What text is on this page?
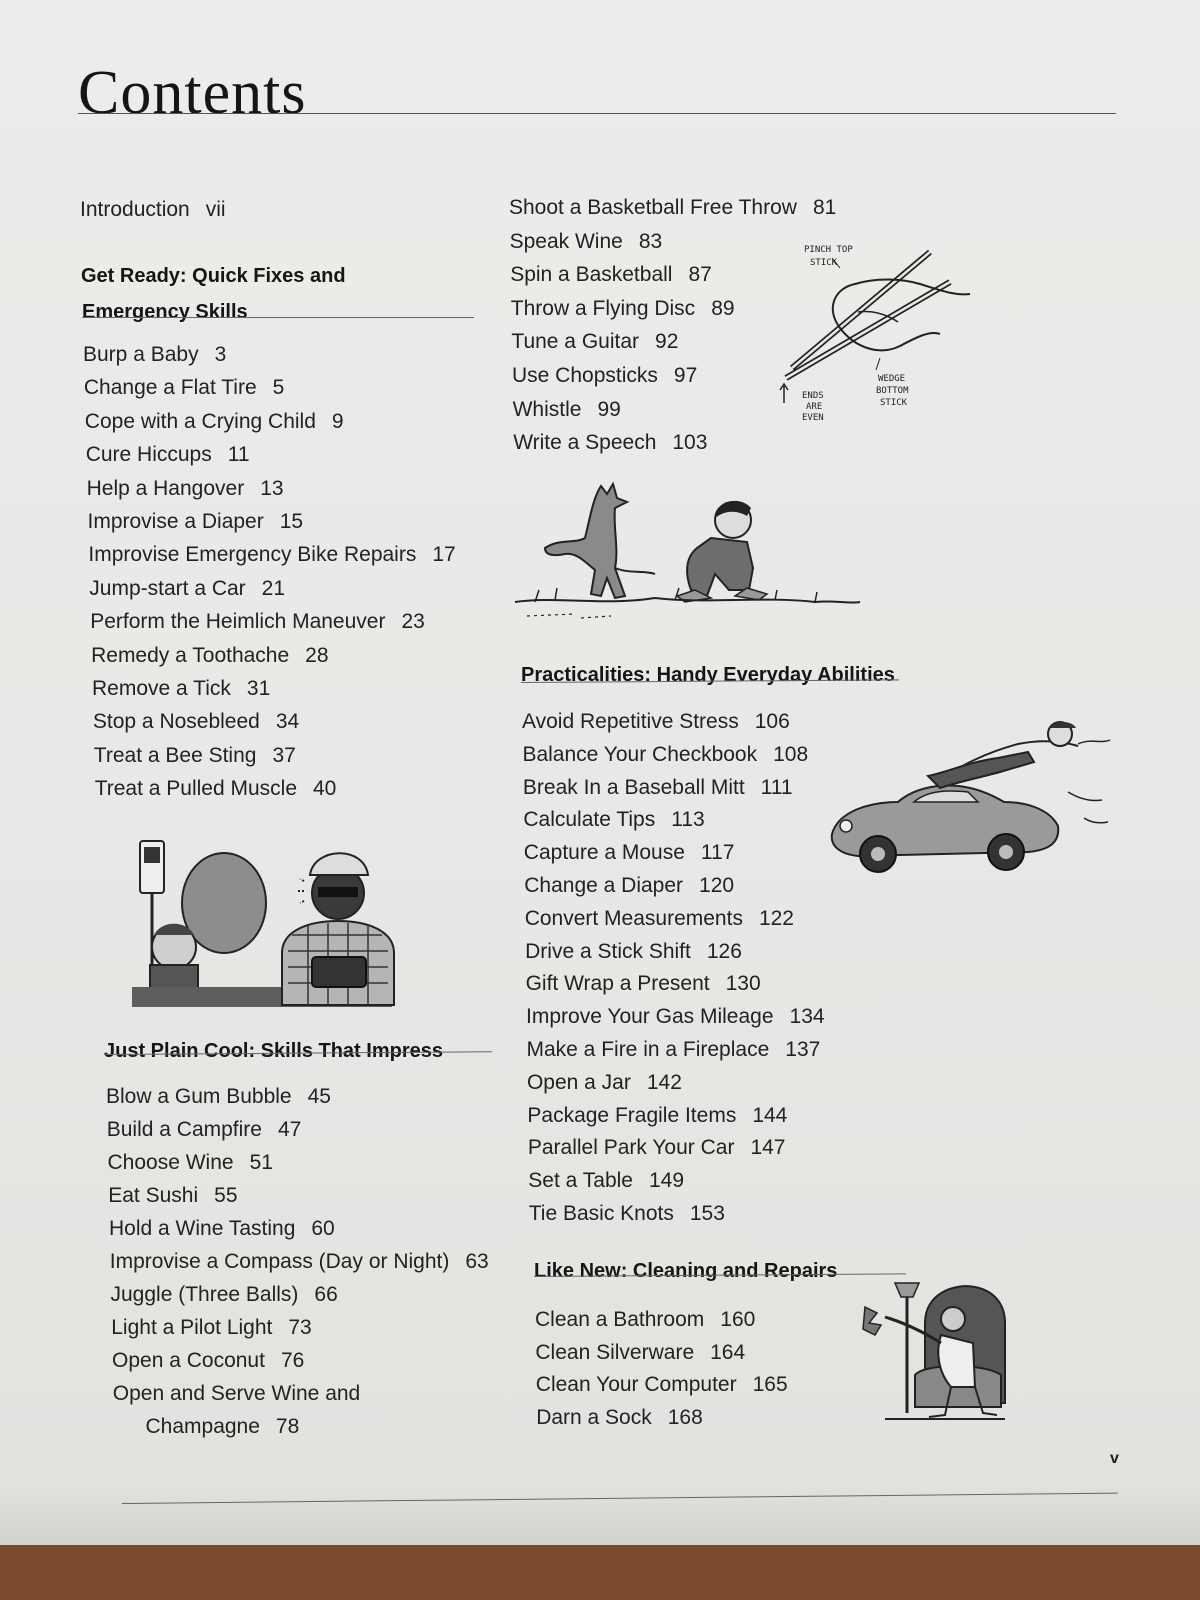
Contents
Introduction vii
Get Ready: Quick Fixes and
Emergency Skills
Burp a Baby 3
Change a Flat Tire 5
Cope with a Crying Child 9
Cure Hiccups 11
Help a Hangover 13
Improvise a Diaper 15
Improvise Emergency Bike Repairs 17
Jump-start a Car 21
Perform the Heimlich Maneuver 23
Remedy a Toothache 28
Remove a Tick 31
Stop a Nosebleed 34
Treat a Bee Sting 37
Treat a Pulled Muscle 40
Blow a Gum Bubble 45
Build a Campfire 47
Choose Wine 51
Eat Sushi 55
Hold a Wine Tasting 60
Improvise a Compass (Day or Night) 63
Juggle (Three Balls) 66
Light a Pilot Light 73
Open a Coconut 76
Open and Serve Wine and
Champagne 78
Just Plain Cool: Skills That Impress
Shoot a Basketball Free Throw 81
Speak Wine 83
Spin a Basketball 87
Throw a Flying Disc 89
Tune a Guitar 92
Use Chopsticks 97
Whistle 99
Write a Speech 103
Practicalities: Handy Everyday Abilities
Avoid Repetitive Stress 106
Balance Your Checkbook 108
Break In a Baseball Mitt 111
Calculate Tips 113
Capture a Mouse 117
Change a Diaper 120
Convert Measurements 122
Drive a Stick Shift 126
Gift Wrap a Present 130
Improve Your Gas Mileage 134
Make a Fire in a Fireplace 137
Open a Jar 142
Package Fragile Items 144
Parallel Park Your Car 147
Set a Table 149
Tie Basic Knots 153
Like New: Cleaning and Repairs
Clean a Bathroom 160
Clean Silverware 164
Clean Your Computer 165
Darn a Sock 168
PINCH TOP
STICK
WEDGE
BOTTOM
STICK
ENDS
ARE
EVEN
v
